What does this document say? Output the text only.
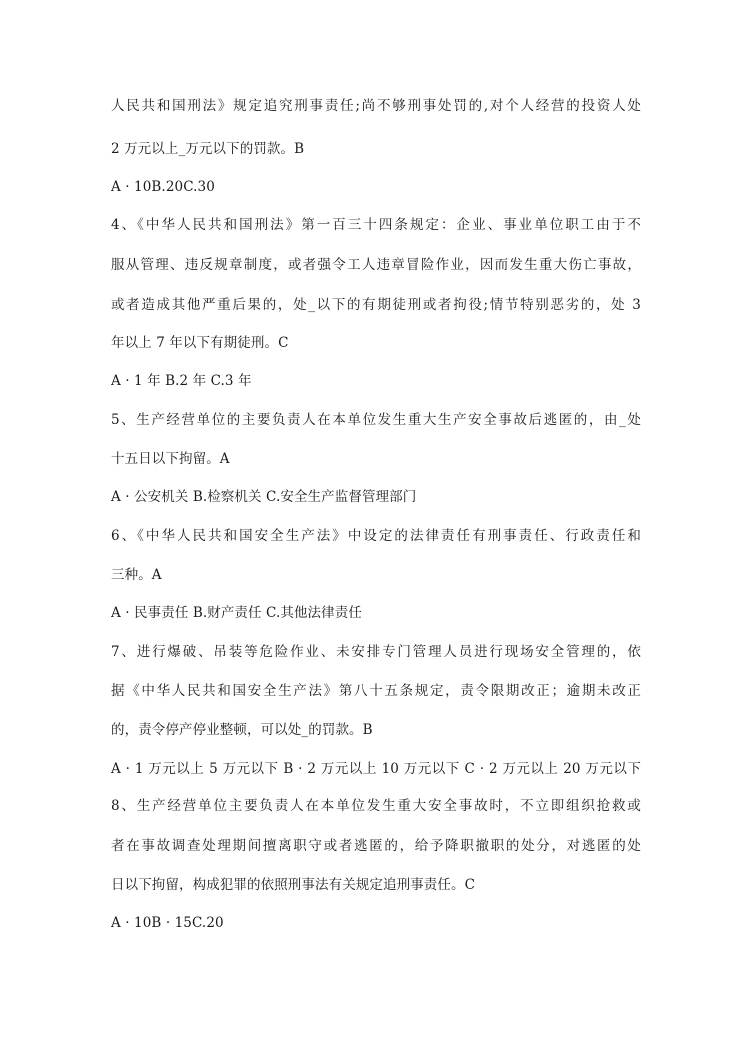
人民共和国刑法》规定追究刑事责任;尚不够刑事处罚的,对个人经营的投资人处
2 万元以上_万元以下的罚款。B
A · 10B.20C.30
4、《中华人民共和国刑法》第一百三十四条规定：企业、事业单位职工由于不
服从管理、违反规章制度，或者强令工人违章冒险作业，因而发生重大伤亡事故，
或者造成其他严重后果的，处_以下的有期徒刑或者拘役;情节特别恶劣的，处 3
年以上 7 年以下有期徒刑。C
A · 1 年 B.2 年 C.3 年
5、生产经营单位的主要负责人在本单位发生重大生产安全事故后逃匿的，由_处
十五日以下拘留。A
A · 公安机关 B.检察机关 C.安全生产监督管理部门
6、《中华人民共和国安全生产法》中设定的法律责任有刑事责任、行政责任和
三种。A
A · 民事责任 B.财产责任 C.其他法律责任
7、进行爆破、吊装等危险作业、未安排专门管理人员进行现场安全管理的，依
据《中华人民共和国安全生产法》第八十五条规定，责令限期改正；逾期未改正
的，责令停产停业整顿，可以处_的罚款。B
A · 1 万元以上 5 万元以下 B · 2 万元以上 10 万元以下 C · 2 万元以上 20 万元以下
8、生产经营单位主要负责人在本单位发生重大安全事故时，不立即组织抢救或
者在事故调查处理期间擅离职守或者逃匿的，给予降职撤职的处分，对逃匿的处
日以下拘留，构成犯罪的依照刑事法有关规定追刑事责任。C
A · 10B · 15C.20
